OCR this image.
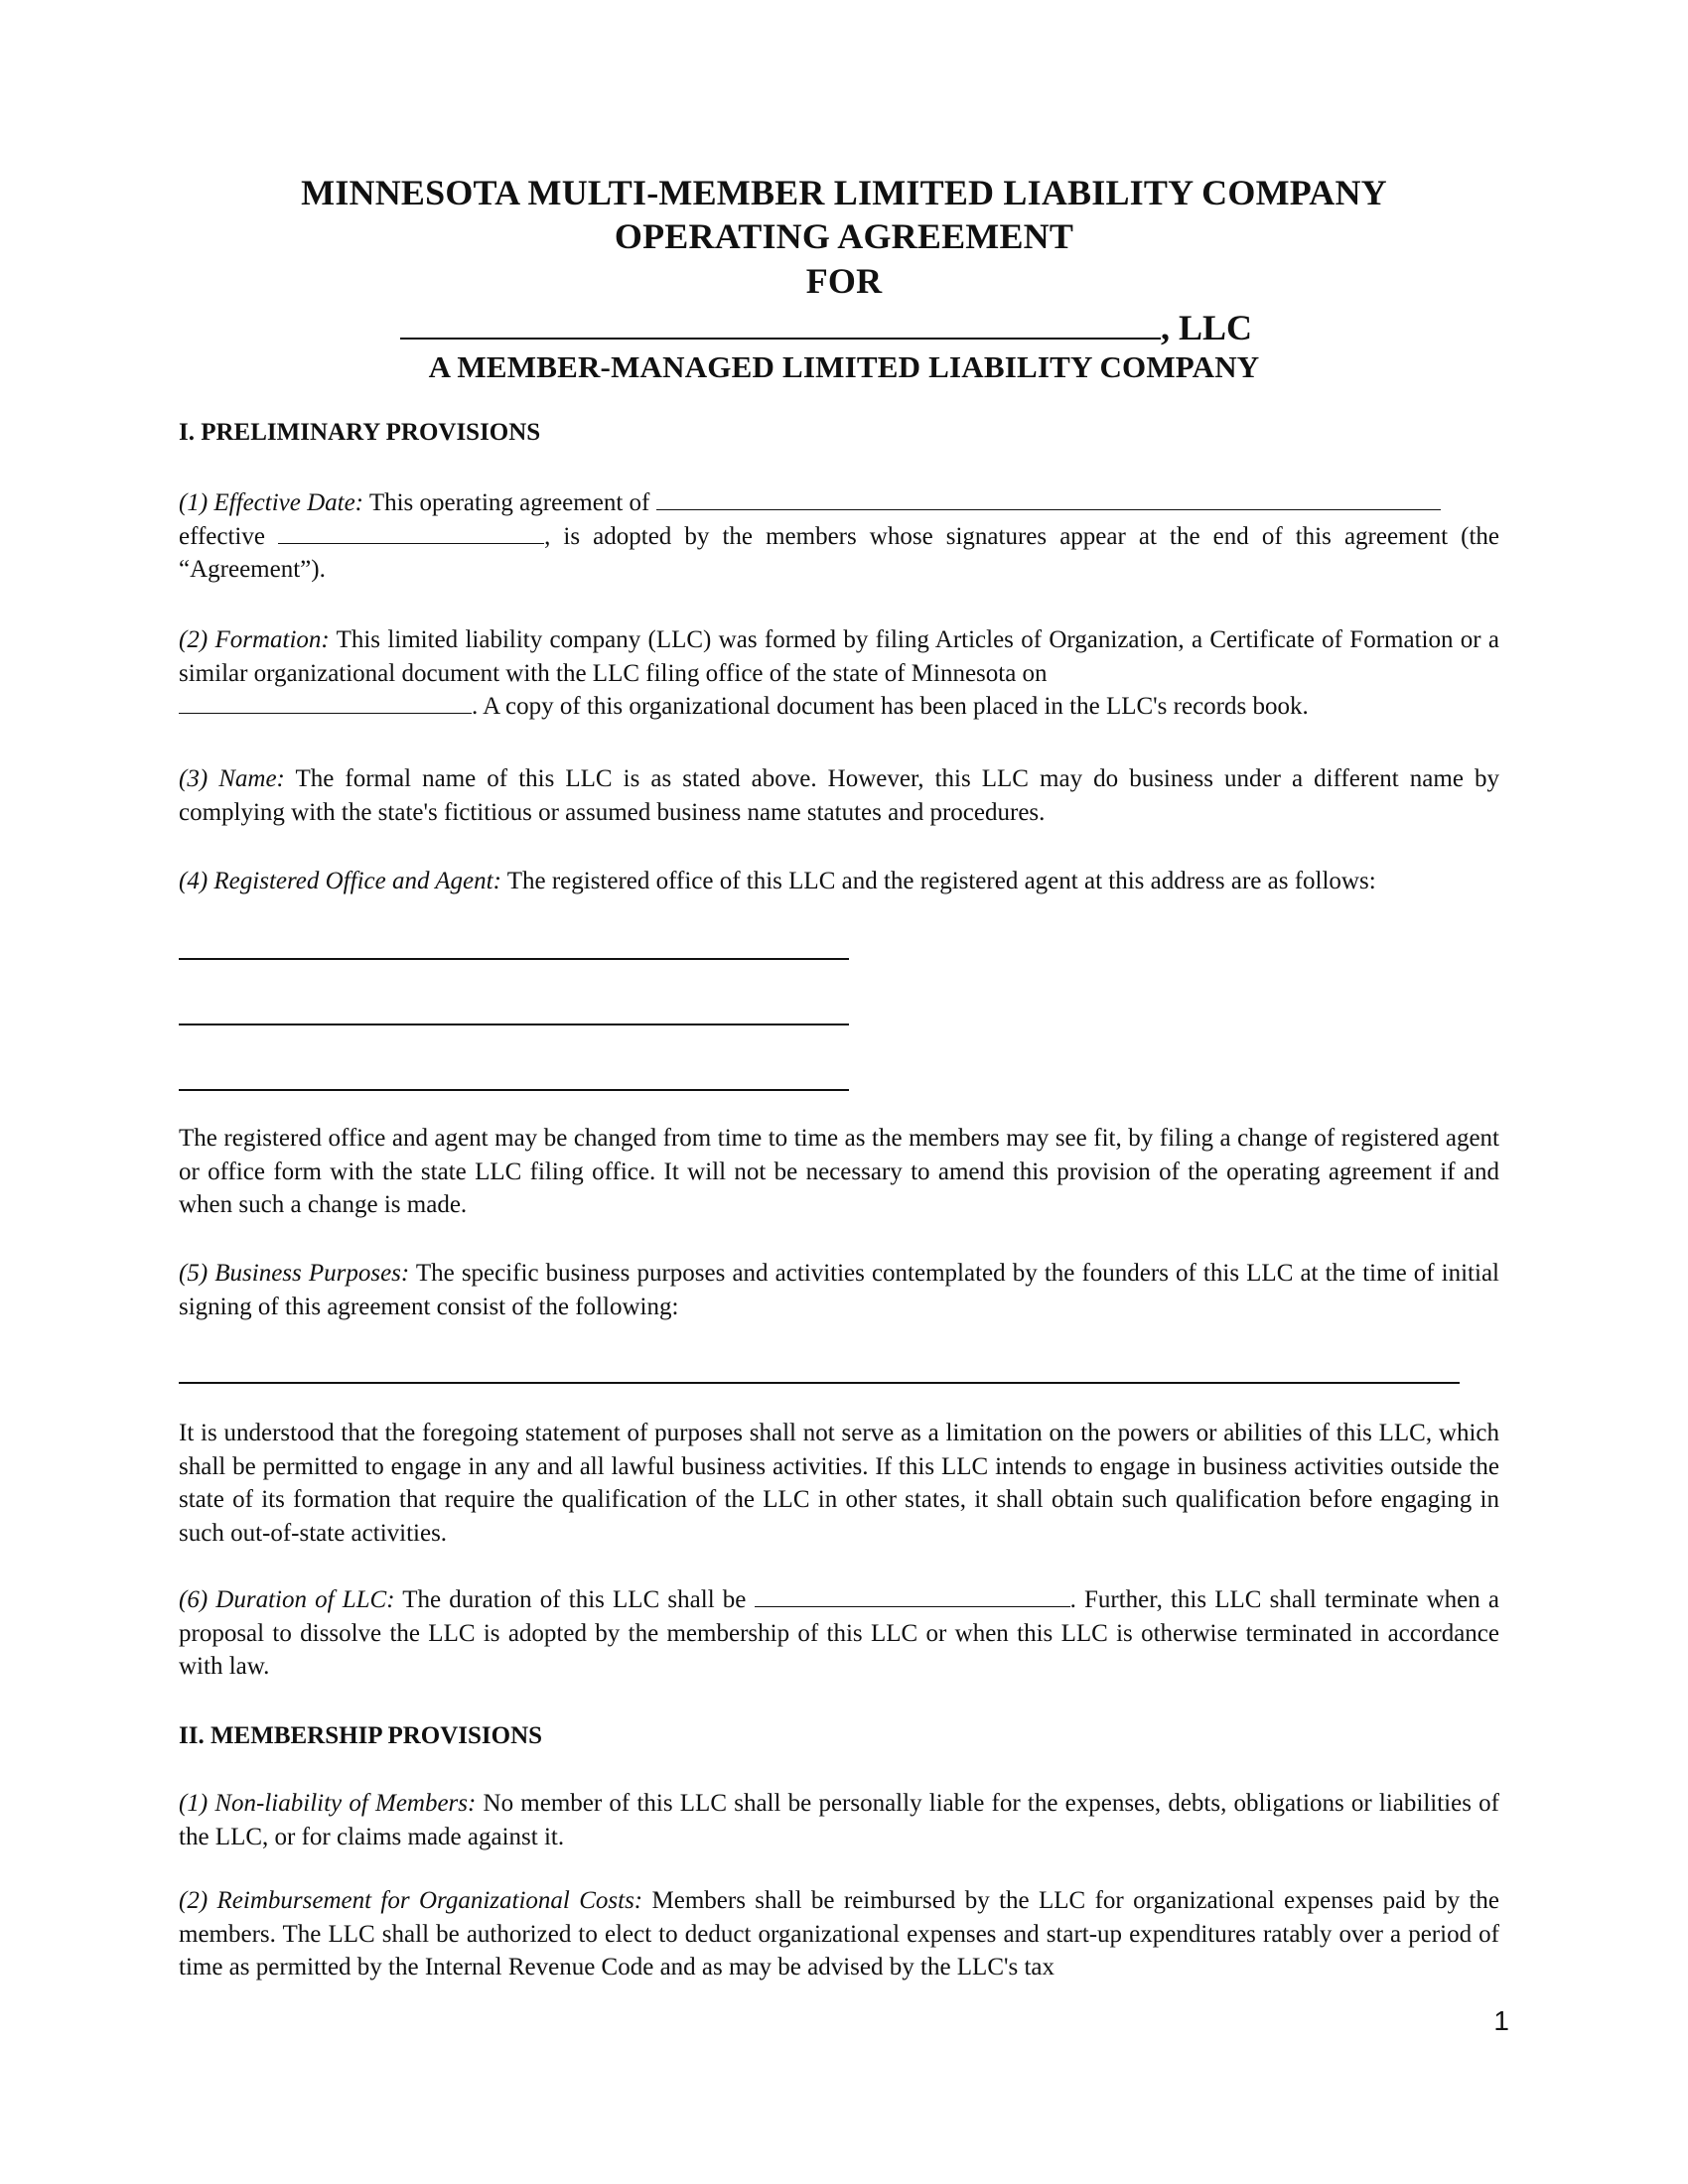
MINNESOTA MULTI-MEMBER LIMITED LIABILITY COMPANY
OPERATING AGREEMENT
FOR
, LLC
A MEMBER-MANAGED LIMITED LIABILITY COMPANY
I. PRELIMINARY PROVISIONS
(1) Effective Date: This operating agreement of
effective	, is adopted by the members whose signatures appear at the end of this agreement (the “Agreement”).
(2) Formation: This limited liability company (LLC) was formed by filing Articles of Organization, a Certificate of Formation or a similar organizational document with the LLC filing office of the state of Minnesota on
. A copy of this organizational document has been placed in the LLC's records book.
(3) Name: The formal name of this LLC is as stated above. However, this LLC may do business under a different name by complying with the state's fictitious or assumed business name statutes and procedures.
(4) Registered Office and Agent: The registered office of this LLC and the registered agent at this address are as follows:
The registered office and agent may be changed from time to time as the members may see fit, by filing a change of registered agent or office form with the state LLC filing office. It will not be necessary to amend this provision of the operating agreement if and when such a change is made.
(5) Business Purposes: The specific business purposes and activities contemplated by the founders of this LLC at the time of initial signing of this agreement consist of the following:
It is understood that the foregoing statement of purposes shall not serve as a limitation on the powers or abilities of this LLC, which shall be permitted to engage in any and all lawful business activities. If this LLC intends to engage in business activities outside the state of its formation that require the qualification of the LLC in other states, it shall obtain such qualification before engaging in such out-of-state activities.
(6) Duration of LLC: The duration of this LLC shall be	. Further, this LLC shall terminate when a proposal to dissolve the LLC is adopted by the membership of this LLC or when this LLC is otherwise terminated in accordance with law.
II. MEMBERSHIP PROVISIONS
(1) Non-liability of Members: No member of this LLC shall be personally liable for the expenses, debts, obligations or liabilities of the LLC, or for claims made against it.
(2) Reimbursement for Organizational Costs: Members shall be reimbursed by the LLC for organizational expenses paid by the members. The LLC shall be authorized to elect to deduct organizational expenses and start-up expenditures ratably over a period of time as permitted by the Internal Revenue Code and as may be advised by the LLC's tax
1
